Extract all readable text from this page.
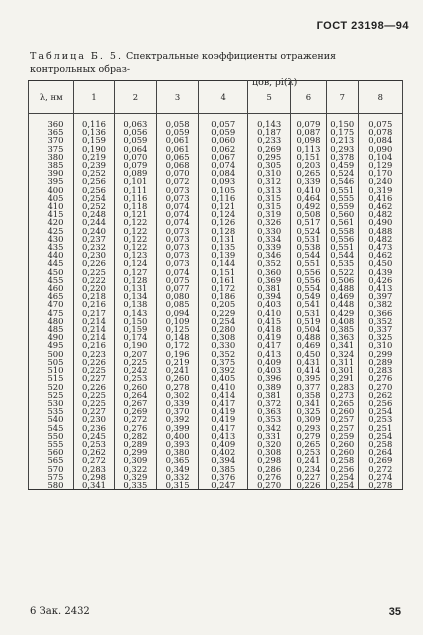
ГОСТ 23198—94
Таблица Б. 5. Спектральные коэффициенты отражения контрольных образ-
цов, ρi(λ)
λ, нм	1	2	3	4	5	6	7	8
360	0,116	0,063	0,058	0,057	0,143	0,079	0,150	0,075
365	0,136	0,056	0,059	0,059	0,187	0,087	0,175	0,078
370	0,159	0,059	0,061	0,060	0,233	0,098	0,213	0,084
375	0,190	0,064	0,061	0,062	0,269	0,113	0,293	0,090
380	0,219	0,070	0,065	0,067	0,295	0,151	0,378	0,104
385	0,239	0,079	0,068	0,074	0,305	0,203	0,459	0,129
390	0,252	0,089	0,070	0,084	0,310	0,265	0,524	0,170
395	0,256	0,101	0,072	0,093	0,312	0,339	0,546	0,240
400	0,256	0,111	0,073	0,105	0,313	0,410	0,551	0,319
405	0,254	0,116	0,073	0,116	0,315	0,464	0,555	0,416
410	0,252	0,118	0,074	0,121	0,315	0,492	0,559	0,462
415	0,248	0,121	0,074	0,124	0,319	0,508	0,560	0,482
420	0,244	0,122	0,074	0,126	0,326	0,517	0,561	0,490
425	0,240	0,122	0,073	0,128	0,330	0,524	0,558	0,488
430	0,237	0,122	0,073	0,131	0,334	0,531	0,556	0,482
435	0,232	0,122	0,073	0,135	0,339	0,538	0,551	0,473
440	0,230	0,123	0,073	0,139	0,346	0,544	0,544	0,462
445	0,226	0,124	0,073	0,144	0,352	0,551	0,535	0,450
450	0,225	0,127	0,074	0,151	0,360	0,556	0,522	0,439
455	0,222	0,128	0,075	0,161	0,369	0,556	0,506	0,426
460	0,220	0,131	0,077	0,172	0,381	0,554	0,488	0,413
465	0,218	0,134	0,080	0,186	0,394	0,549	0,469	0,397
470	0,216	0,138	0,085	0,205	0,403	0,541	0,448	0,382
475	0,217	0,143	0,094	0,229	0,410	0,531	0,429	0,366
480	0,214	0,150	0,109	0,254	0,415	0,519	0,408	0,352
485	0,214	0,159	0,125	0,280	0,418	0,504	0,385	0,337
490	0,214	0,174	0,148	0,308	0,419	0,488	0,363	0,325
495	0,216	0,190	0,172	0,330	0,417	0,469	0,341	0,310
500	0,223	0,207	0,196	0,352	0,413	0,450	0,324	0,299
505	0,226	0,225	0,219	0,375	0,409	0,431	0,311	0,289
510	0,225	0,242	0,241	0,392	0,403	0,414	0,301	0,283
515	0,227	0,253	0,260	0,405	0,396	0,395	0,291	0,276
520	0,226	0,260	0,278	0,410	0,389	0,377	0,283	0,270
525	0,225	0,264	0,302	0,414	0,381	0,358	0,273	0,262
530	0,225	0,267	0,339	0,417	0,372	0,341	0,265	0,256
535	0,227	0,269	0,370	0,419	0,363	0,325	0,260	0,254
540	0,230	0,272	0,392	0,419	0,353	0,309	0,257	0,253
545	0,236	0,276	0,399	0,417	0,342	0,293	0,257	0,251
550	0,245	0,282	0,400	0,413	0,331	0,279	0,259	0,254
555	0,253	0,289	0,393	0,409	0,320	0,265	0,260	0,258
560	0,262	0,299	0,380	0,402	0,308	0,253	0,260	0,264
565	0,272	0,309	0,365	0,394	0,298	0,241	0,258	0,269
570	0,283	0,322	0,349	0,385	0,286	0,234	0,256	0,272
575	0,298	0,329	0,332	0,376	0,276	0,227	0,254	0,274
580	0,341	0,335	0,315	0,247	0,270	0,226	0,254	0,278
6 Зак. 2432	35
